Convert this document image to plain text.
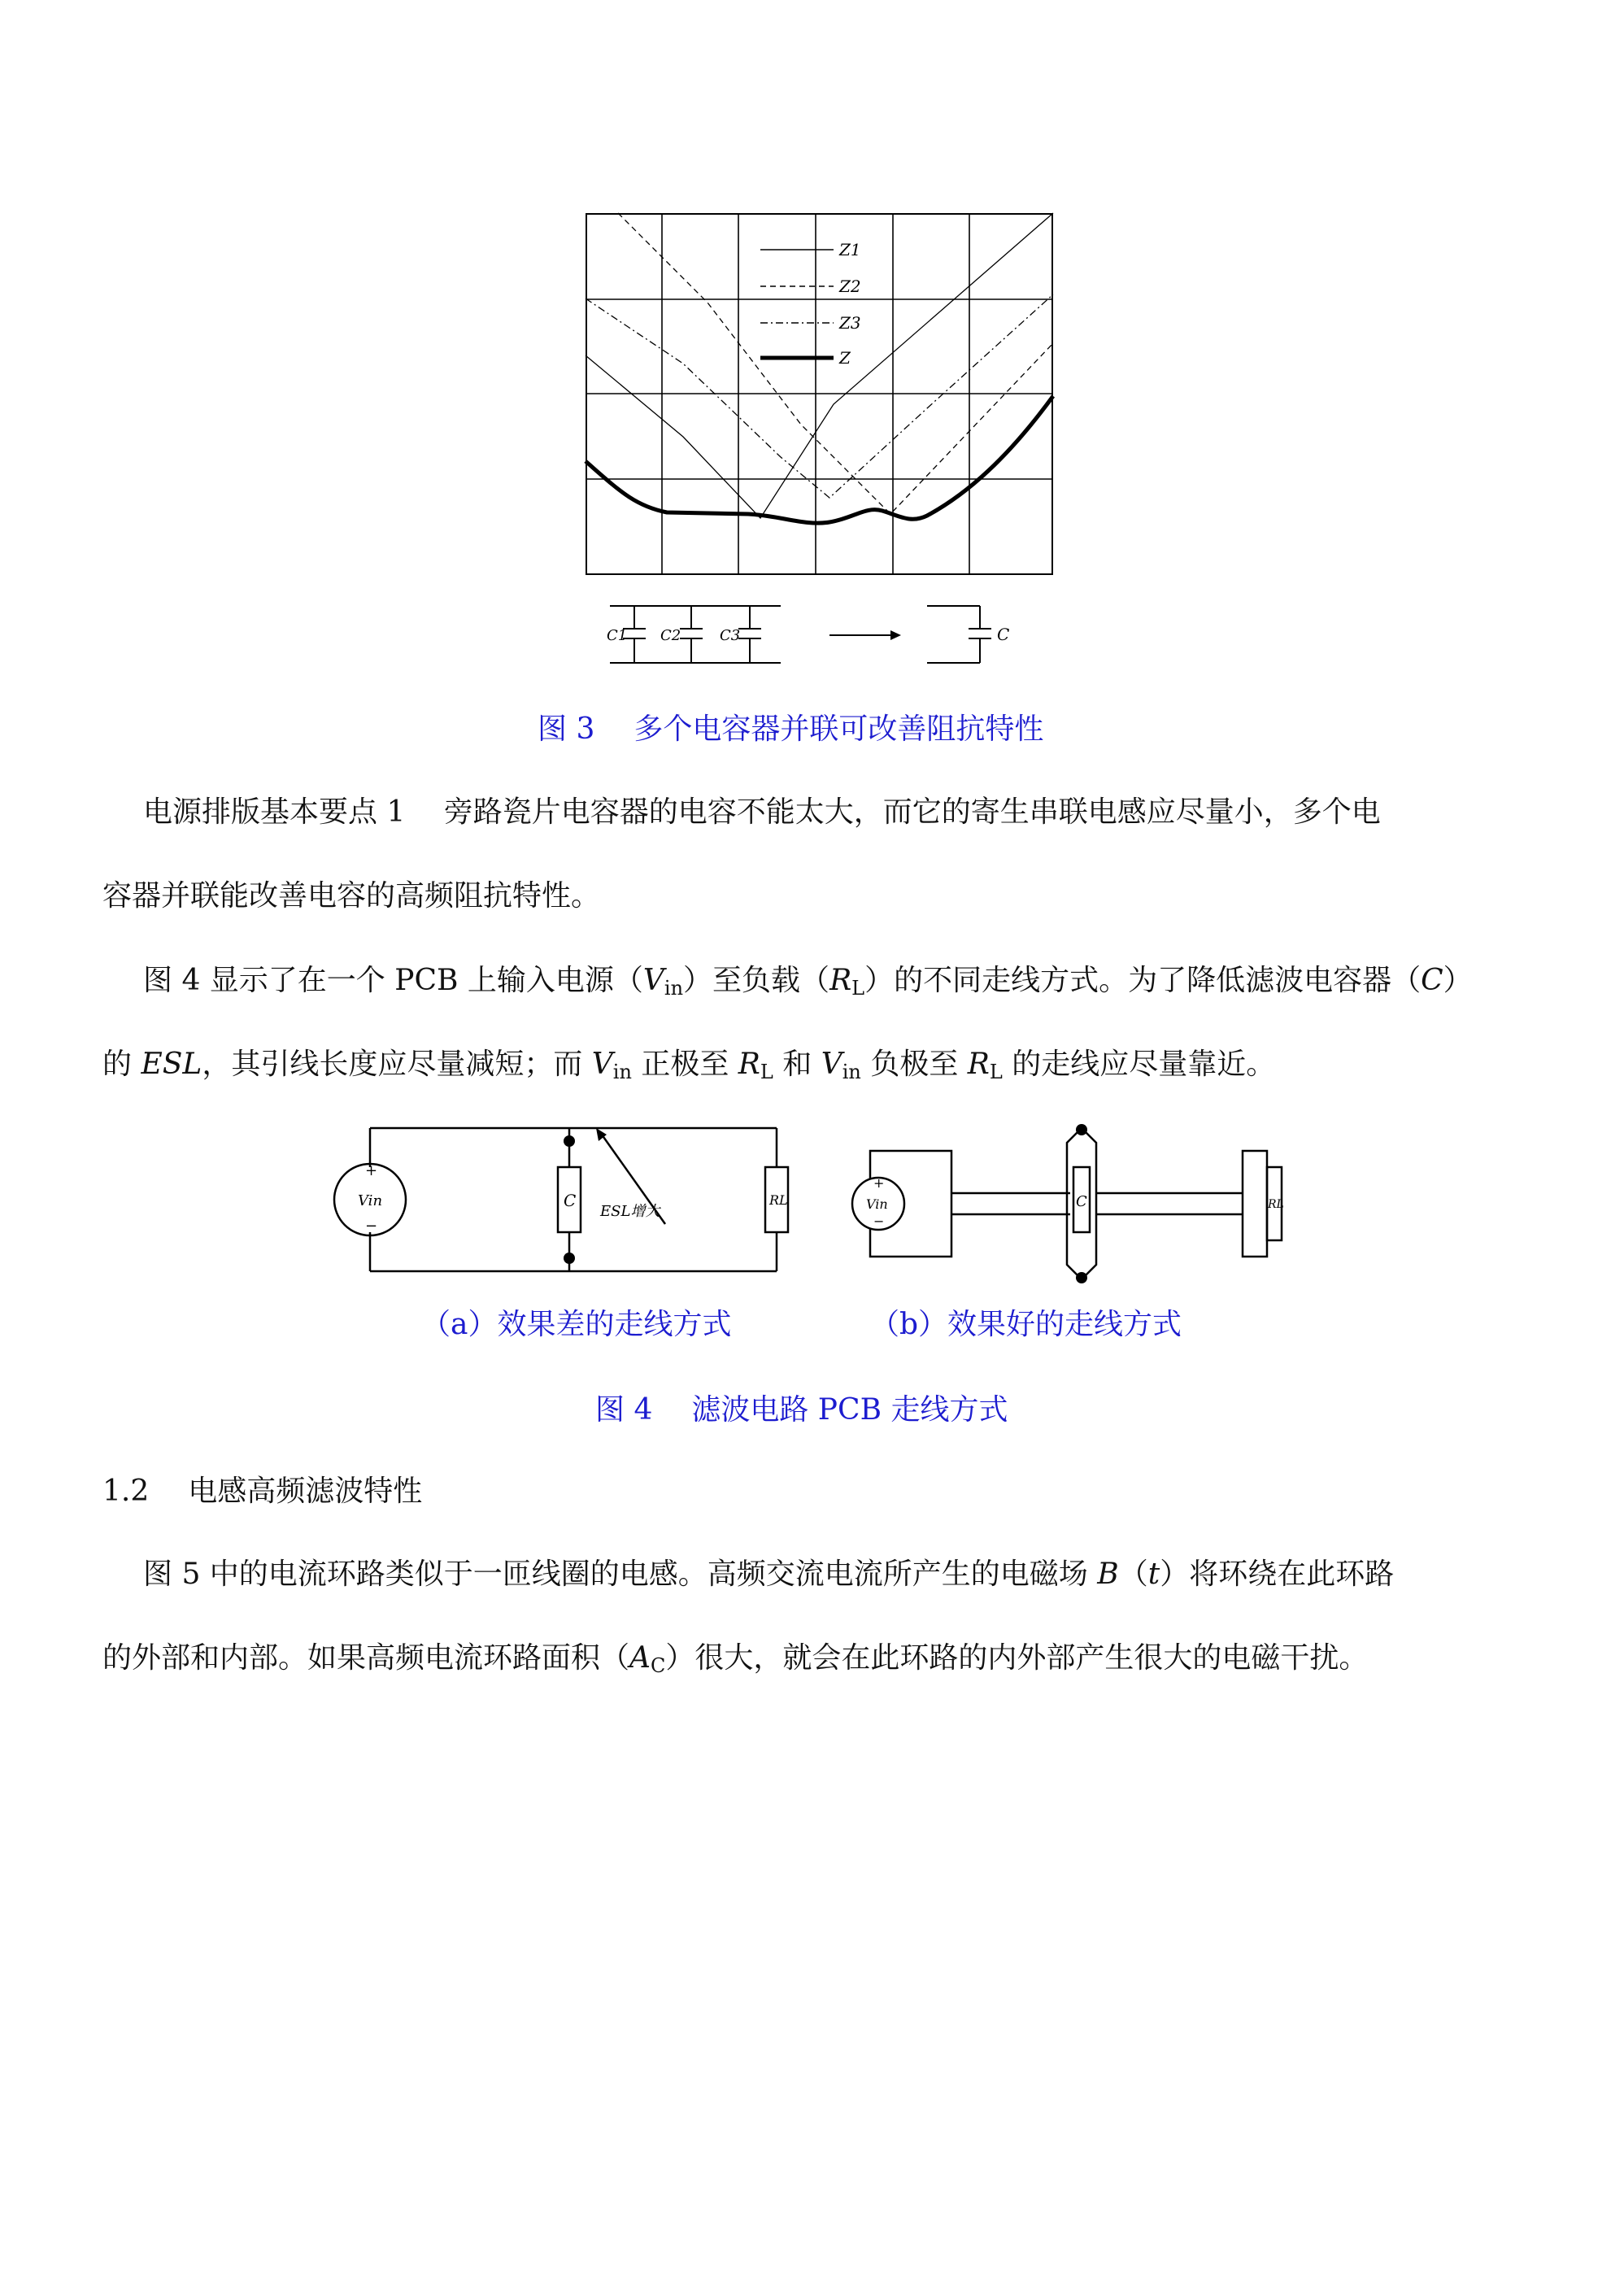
Z1
Z2
Z3
Z
C1 C2	C3	C
图 3 多个电容器并联可改善阻抗特性
电源排版基本要点 1　 旁路瓷片电容器的电容不能太大，而它的寄生串联电感应尽量小，多个电
容器并联能改善电容的高频阻抗特性。
图 4 显示了在一个 PCB 上输入电源$(V_{in})$至负载$(R_L)$的不同走线方式。为了降低滤波电容器（C）
的 ESL，其引线长度应尽量减短；而 $V_{in}$ 正极至 $R_L$ 和 $V_{in}$ 负极至 $R_L$ 的走线应尽量靠近。
+
Vin
−
C
ESL增大
RL
+
Vin
−
C	RL
（a）效果差的走线方式	（b）效果好的走线方式
图 4 滤波电路 PCB 走线方式
1.2 电感高频滤波特性
图 5 中的电流环路类似于一匝线圈的电感。高频交流电流所产生的电磁场 B（t）将环绕在此环路
的外部和内部。如果高频电流环路面积$(A_C)$很大，就会在此环路的内外部产生很大的电磁干扰。
